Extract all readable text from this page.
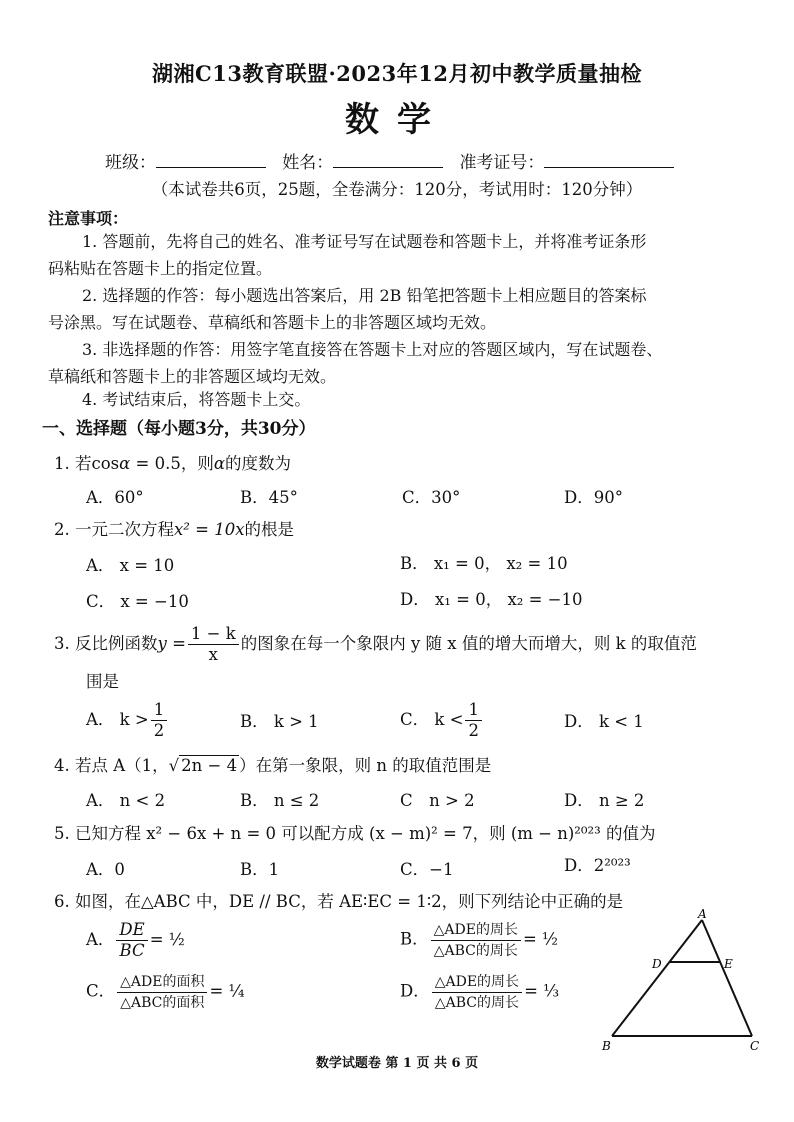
湖湘C13教育联盟·2023年12月初中教学质量抽检
数学
班级：	姓名：	准考证号：
（本试卷共6页，25题，全卷满分：120分，考试用时：120分钟）
注意事项：
1. 答题前，先将自己的姓名、准考证号写在试题卷和答题卡上，并将准考证条形
码粘贴在答题卡上的指定位置。
2. 选择题的作答：每小题选出答案后，用 2B 铅笔把答题卡上相应题目的答案标
号涂黑。写在试题卷、草稿纸和答题卡上的非答题区域均无效。
3. 非选择题的作答：用签字笔直接答在答题卡上对应的答题区域内，写在试题卷、
草稿纸和答题卡上的非答题区域均无效。
4. 考试结束后，将答题卡上交。
一、选择题（每小题3分，共30分）
1. 若cosα = 0.5，则α的度数为
A．60°	B．45°	C．30°	D．90°
2. 一元二次方程x² = 10x的根是
A． x = 10	B． x₁ = 0， x₂ = 10
C． x = −10	D． x₁ = 0， x₂ = −10
3. 反比例函数$y = \frac{1 - k}{x}$ 的图象在每一个象限内 y 随 x 值的增大而增大，则 k 的取值范
围是
A． $k > \frac{1}{2}$	B． k > 1	C． $k < \frac{1}{2}$	D． k < 1
4. 若点 A（1，√ 2n − 4 ）在第一象限，则 n 的取值范围是
A． n < 2	B． n ≤ 2	C　n > 2	D． n ≥ 2
5. 已知方程 x² − 6x + n = 0 可以配方成 (x − m)² = 7，则 (m − n)²⁰²³ 的值为
A．0	B．1	C．−1	D．2²⁰²³
6. 如图，在△ABC 中，DE // BC，若 AE∶EC = 1∶2，则下列结论中正确的是
A． $\frac{DE}{BC}$ = ½	B． $\frac{\text{△ADE的周长}}{\text{△ABC的周长}}$ = ½
C． $\frac{\text{△ADE的面积}}{\text{△ABC的面积}}$ = ¼	D． $\frac{\text{△ADE的周长}}{\text{△ABC的周长}}$ = ⅓
A
D	E
B	C
数学试题卷 第 1 页 共 6 页
